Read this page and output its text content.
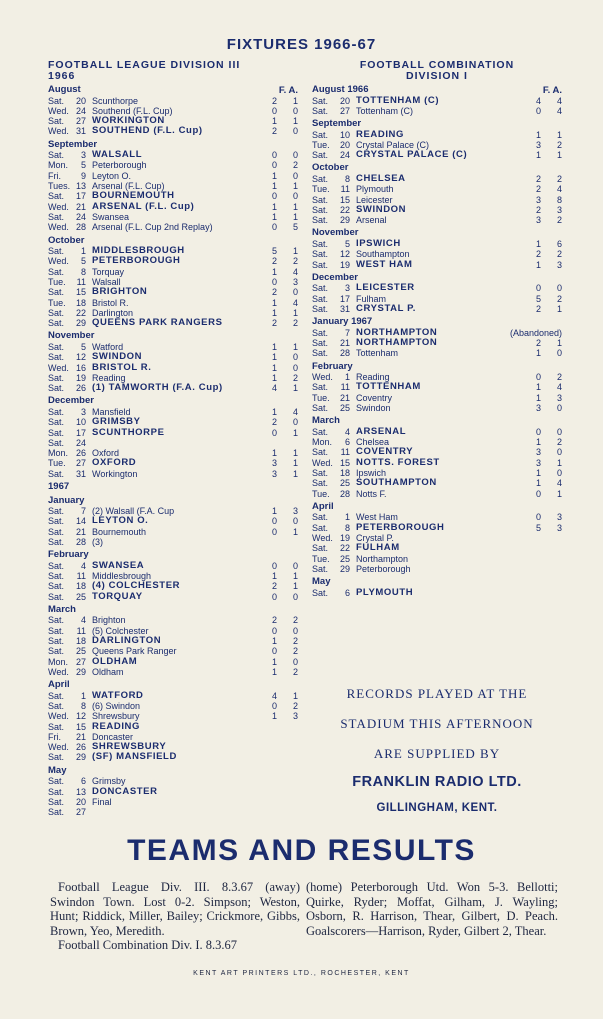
FIXTURES 1966-67
FOOTBALL LEAGUE DIVISION III
1966
August	F. A.
Sat.	20 Scunthorpe	2 1
Wed. 24 Southend (F.L. Cup)	0 0
Sat.	27 WORKINGTON	1 1
Wed. 31 SOUTHEND (F.L. Cup)	2 0
September
Sat.	3 WALSALL	0 0
Mon.	5 Peterborough	0 2
Fri.	9 Leyton O.	1 0
Tues. 13 Arsenal (F.L. Cup)	1 1
Sat.	17 BOURNEMOUTH	0 0
Wed. 21 ARSENAL (F.L. Cup)	1 1
Sat.	24 Swansea	1 1
Wed. 28 Arsenal (F.L. Cup 2nd Replay)	0 5
October
Sat.	1 MIDDLESBROUGH	5 1
Wed.	5 PETERBOROUGH	2 2
Sat.	8 Torquay	1 4
Tue.	11 Walsall	0 3
Sat.	15 BRIGHTON	2 0
Tue.	18 Bristol R.	1 4
Sat.	22 Darlington	1 1
Sat.	29 QUEENS PARK RANGERS	2 2
November
Sat.	5 Watford	1 1
Sat.	12 SWINDON	1 0
Wed. 16 BRISTOL R.	1 0
Sat.	19 Reading	1 2
Sat.	26 (1) TAMWORTH (F.A. Cup)	4 1
December
Sat.	3 Mansfield	1 4
Sat.	10 GRIMSBY	2 0
Sat.	17 SCUNTHORPE	0 1
Sat.	24
Mon. 26 Oxford	1 1
Tue.	27 OXFORD	3 1
Sat.	31 Workington	3 1
1967
January
Sat.	7 (2) Walsall (F.A. Cup	1 3
Sat.	14 LEYTON O.	0 0
Sat.	21 Bournemouth	0 1
Sat.	28 (3)
February
Sat.	4 SWANSEA	0 0
Sat.	11 Middlesbrough	1 1
Sat.	18 (4) COLCHESTER	2 1
Sat.	25 TORQUAY	0 0
March
Sat.	4 Brighton	2 2
Sat.	11 (5) Colchester	0 0
Sat.	18 DARLINGTON	1 2
Sat.	25 Queens Park Ranger	0 2
Mon. 27 OLDHAM	1 0
Wed. 29 Oldham	1 2
April
Sat.	1 WATFORD	4 1
Sat.	8 (6) Swindon	0 2
Wed. 12 Shrewsbury	1 3
Sat.	15 READING
Fri.	21 Doncaster
Wed. 26 SHREWSBURY
Sat.	29 (SF) MANSFIELD
May
Sat.	6 Grimsby
Sat.	13 DONCASTER
Sat.	20 Final
Sat.	27
FOOTBALL COMBINATION
DIVISION I
August 1966	F. A.
Sat.	20 TOTTENHAM (C)	4 4
Sat.	27 Tottenham (C)	0 4
September
Sat.	10 READING	1 1
Tue.	20 Crystal Palace (C)	3 2
Sat.	24 CRYSTAL PALACE (C)	1 1
October
Sat.	8 CHELSEA	2 2
Tue.	11 Plymouth	2 4
Sat.	15 Leicester	3 8
Sat.	22 SWINDON	2 3
Sat.	29 Arsenal	3 2
November
Sat.	5 IPSWICH	1 6
Sat.	12 Southampton	2 2
Sat.	19 WEST HAM	1 3
December
Sat.	3 LEICESTER	0 0
Sat.	17 Fulham	5 2
Sat.	31 CRYSTAL P.	2 1
January 1967
Sat.	7 NORTHAMPTON	(Abandoned)
Sat.	21 NORTHAMPTON	2 1
Sat.	28 Tottenham	1 0
February
Wed.	1 Reading	0 2
Sat.	11 TOTTENHAM	1 4
Tue.	21 Coventry	1 3
Sat.	25 Swindon	3 0
March
Sat.	4 ARSENAL	0 0
Mon.	6 Chelsea	1 2
Sat.	11 COVENTRY	3 0
Wed. 15 NOTTS. FOREST	3 1
Sat.	18 Ipswich	1 0
Sat.	25 SOUTHAMPTON	1 4
Tue.	28 Notts F.	0 1
April
Sat.	1 West Ham	0 3
Sat.	8 PETERBOROUGH	5 3
Wed. 19 Crystal P.
Sat.	22 FULHAM
Tue.	25 Northampton
Sat.	29 Peterborough
May
Sat.	6 PLYMOUTH
RECORDS PLAYED AT THE
STADIUM THIS AFTERNOON
ARE SUPPLIED BY
FRANKLIN RADIO LTD.
GILLINGHAM, KENT.
TEAMS AND RESULTS
Football League Div. III. 8.3.67 (away) Swindon Town. Lost 0-2. Simpson; Weston, Hunt; Riddick, Miller, Bailey; Crickmore, Gibbs, Brown, Yeo, Meredith.
Football Combination Div. I. 8.3.67
(home) Peterborough Utd. Won 5-3. Bellotti; Quirke, Ryder; Moffat, Gilham, J. Wayling; Osborn, R. Harrison, Thear, Gilbert, D. Peach. Goalscorers—Harrison, Ryder, Gilbert 2, Thear.
KENT ART PRINTERS LTD., ROCHESTER, KENT
